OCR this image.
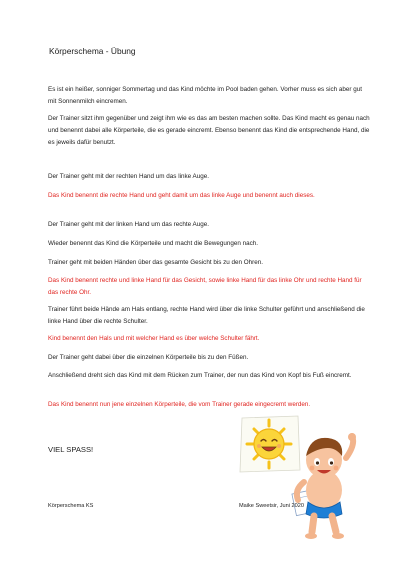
Körperschema - Übung
Es ist ein heißer, sonniger Sommertag und das Kind möchte im Pool baden gehen. Vorher muss es sich aber gut mit Sonnenmilch eincremen.
Der Trainer sitzt ihm gegenüber und zeigt ihm wie es das am besten machen sollte. Das Kind macht es genau nach und benennt dabei alle Körperteile, die es gerade eincremt. Ebenso benennt das Kind die entsprechende Hand, die es jeweils dafür benutzt.
Der Trainer geht mit der rechten Hand um das linke Auge.
Das Kind benennt die rechte Hand und geht damit um das linke Auge und benennt auch dieses.
Der Trainer geht mit der linken Hand um das rechte Auge.
Wieder benennt das Kind die Körperteile und macht die Bewegungen nach.
Trainer geht mit beiden Händen über das gesamte Gesicht bis zu den Ohren.
Das Kind benennt rechte und linke Hand für das Gesicht, sowie linke Hand für das linke Ohr und rechte Hand für das rechte Ohr.
Trainer führt beide Hände am Hals entlang, rechte Hand wird über die linke Schulter geführt und anschließend die linke Hand über die rechte Schulter.
Kind benennt den Hals und mit welcher Hand es über welche Schulter fährt.
Der Trainer geht dabei über die einzelnen Körperteile bis zu den Füßen.
Anschließend dreht sich das Kind mit dem Rücken zum Trainer, der nun das Kind von Kopf bis Fuß eincremt.
Das Kind benennt nun jene einzelnen Körperteile, die vom Trainer gerade eingecremt werden.
VIEL SPASS!
Körperschema KS	Maike Sweetsir, Juni 2020
